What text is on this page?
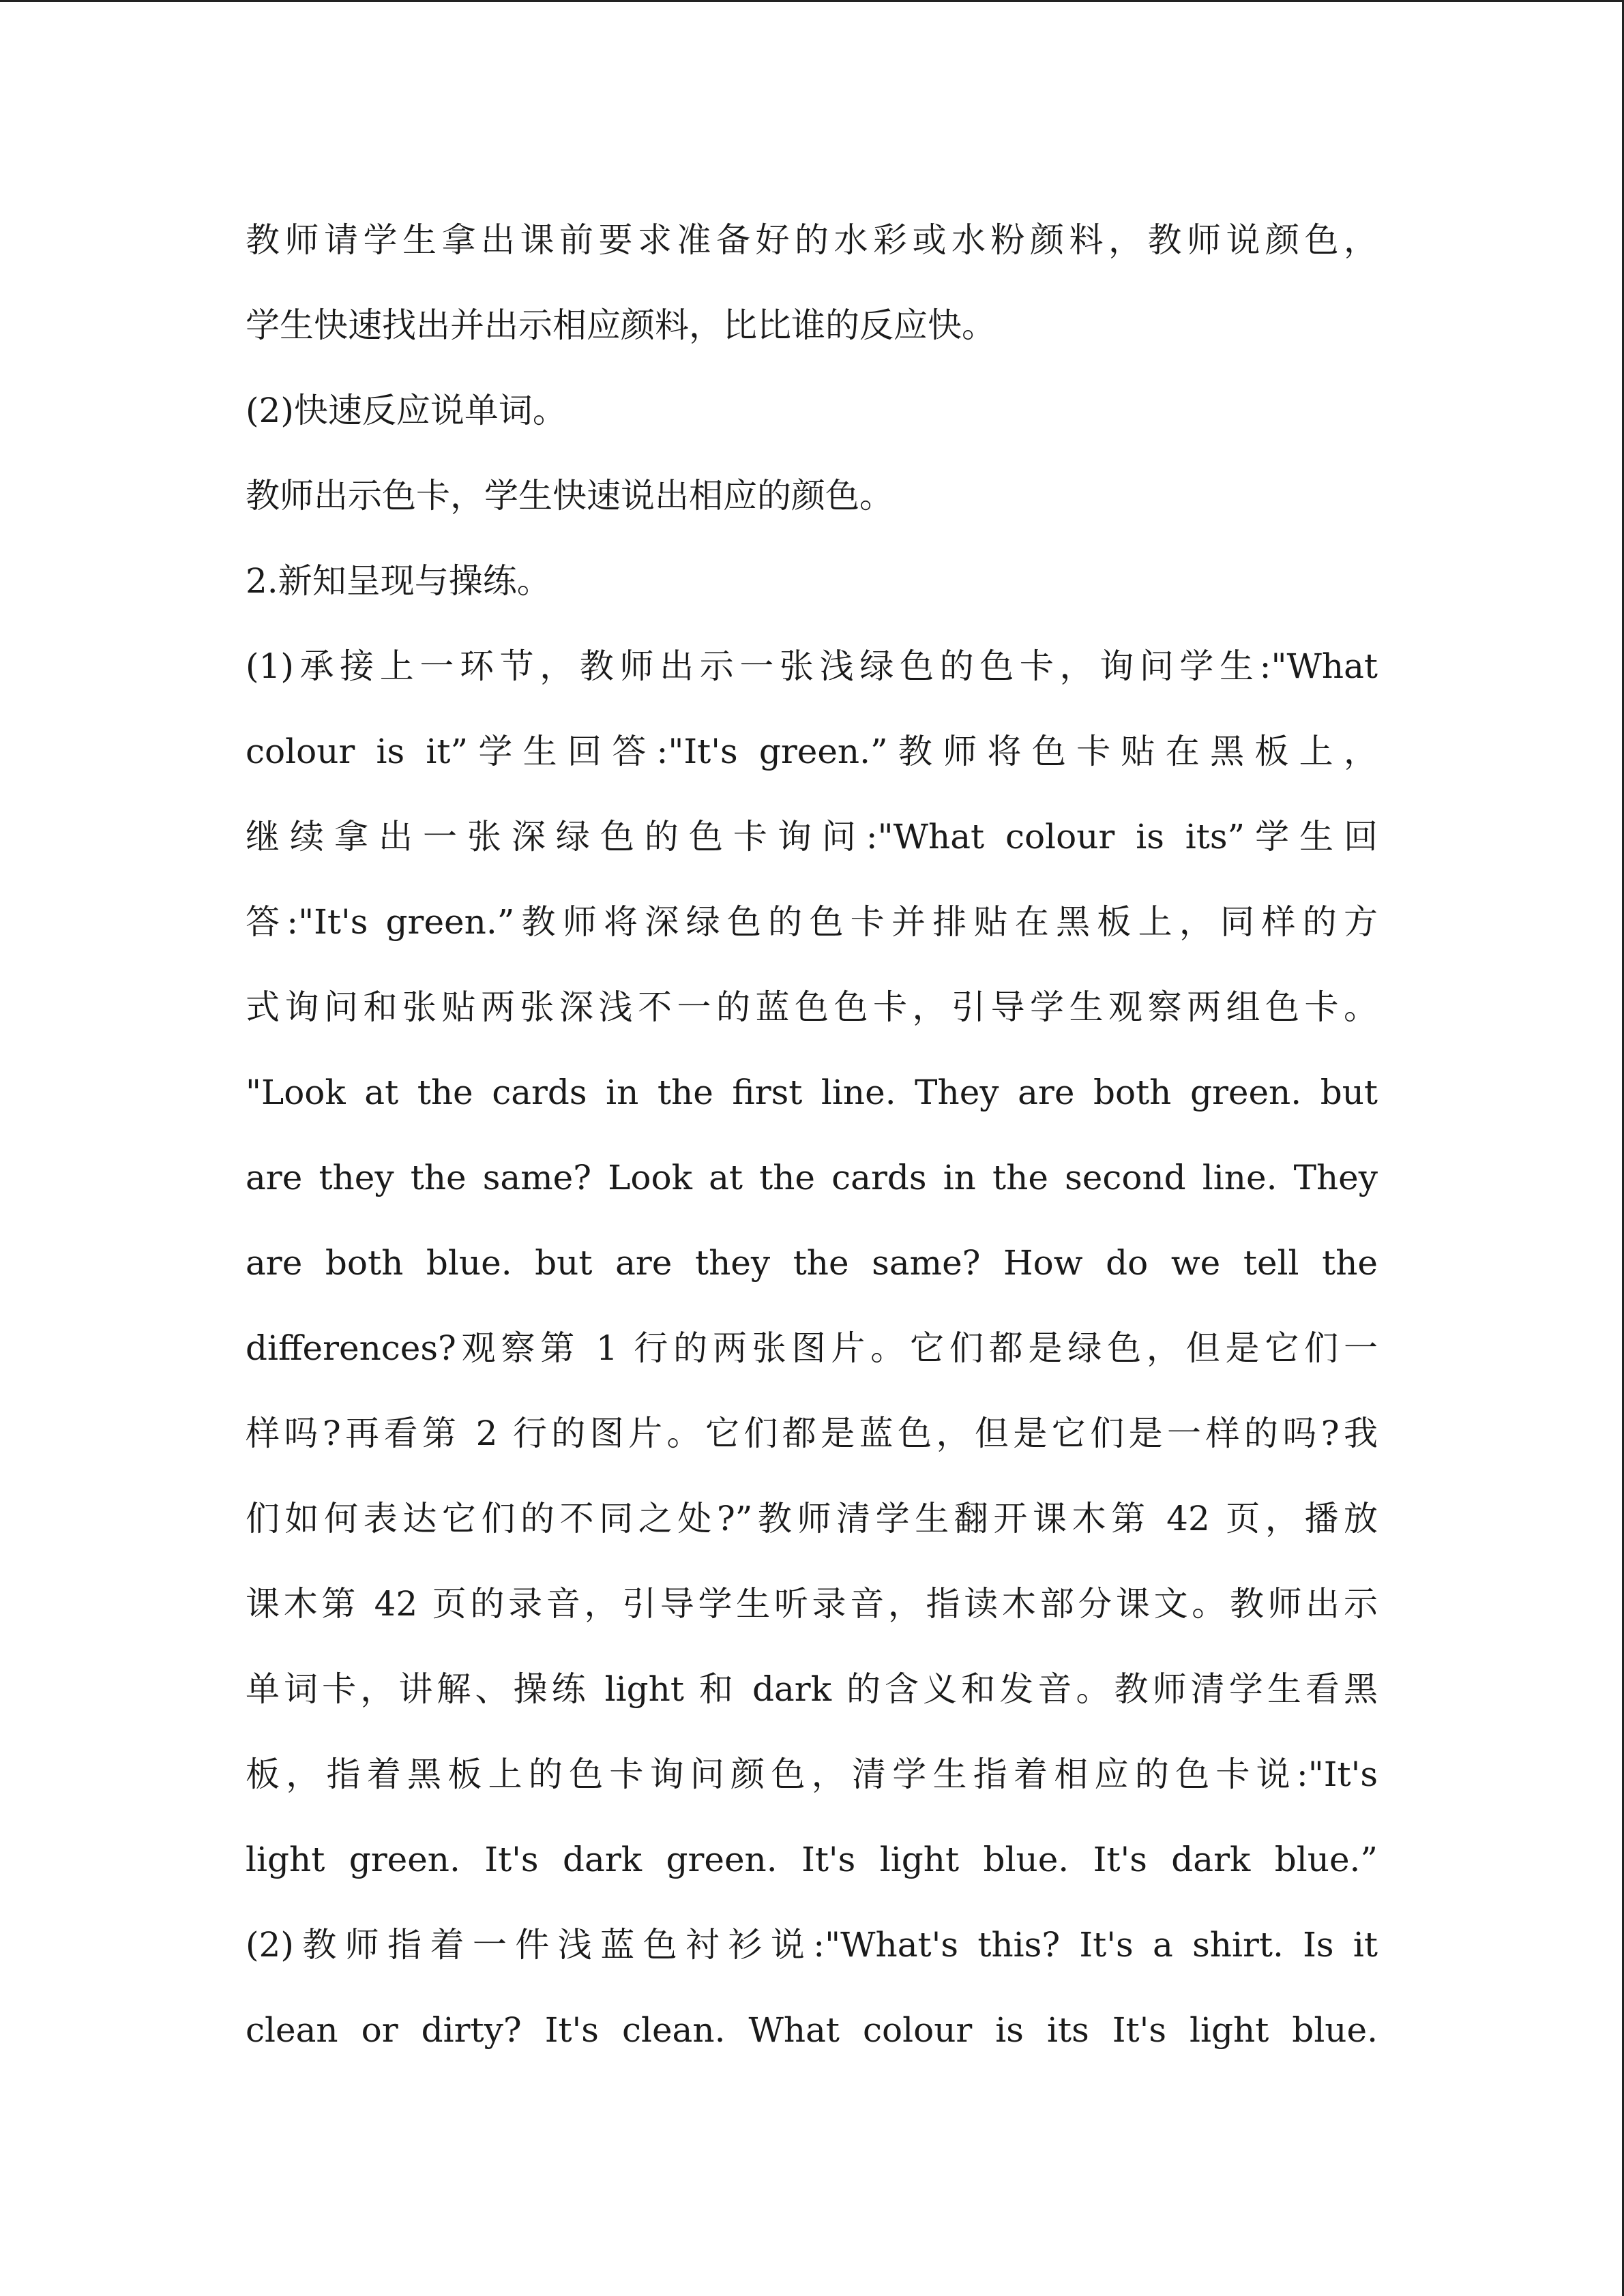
教师请学生拿出课前要求准备好的水彩或水粉颜料，教师说颜色，
学生快速找出并出示相应颜料，比比谁的反应快。
(2)快速反应说单词。
教师出示色卡，学生快速说出相应的颜色。
2.新知呈现与操练。
(1)承接上一环节，教师出示一张浅绿色的色卡，询问学生:"What
colour is it”学生回答:"It's green.”教师将色卡贴在黑板上，
继续拿出一张深绿色的色卡询问:"What colour is its”学生回
答:"It's green.”教师将深绿色的色卡并排贴在黑板上，同样的方
式询问和张贴两张深浅不一的蓝色色卡，引导学生观察两组色卡。
"Look at the cards in the first line. They are both green. but
are they the same? Look at the cards in the second line. They
are both blue. but are they the same? How do we tell the
differences?观察第 1 行的两张图片。它们都是绿色，但是它们一
样吗?再看第 2 行的图片。它们都是蓝色，但是它们是一样的吗?我
们如何表达它们的不同之处?”教师清学生翻开课木第 42 页，播放
课木第 42 页的录音，引导学生听录音，指读木部分课文。教师出示
单词卡，讲解、操练 light 和 dark 的含义和发音。教师清学生看黑
板，指着黑板上的色卡询问颜色，清学生指着相应的色卡说:"It's
light green. It's dark green. It's light blue. It's dark blue.”
(2)教师指着一件浅蓝色衬衫说:"What's this? It's a shirt. Is it
clean or dirty? It's clean. What colour is its It's light blue.
